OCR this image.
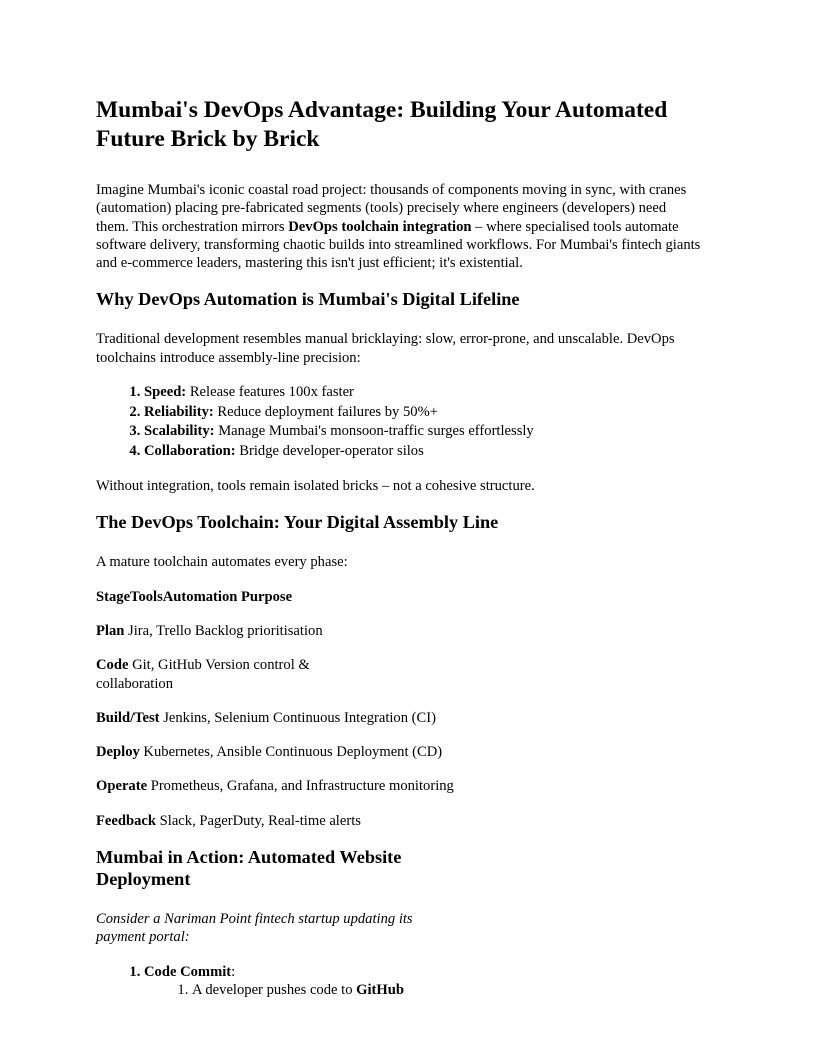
Mumbai's DevOps Advantage: Building Your Automated Future Brick by Brick

Imagine Mumbai's iconic coastal road project: thousands of components moving in sync, with cranes (automation) placing pre-fabricated segments (tools) precisely where engineers (developers) need them. This orchestration mirrors DevOps toolchain integration – where specialised tools automate software delivery, transforming chaotic builds into streamlined workflows. For Mumbai's fintech giants and e-commerce leaders, mastering this isn't just efficient; it's existential.

Why DevOps Automation is Mumbai's Digital Lifeline

Traditional development resembles manual bricklaying: slow, error-prone, and unscalable. DevOps toolchains introduce assembly-line precision:

1. Speed: Release features 100x faster
2. Reliability: Reduce deployment failures by 50%+
3. Scalability: Manage Mumbai's monsoon-traffic surges effortlessly
4. Collaboration: Bridge developer-operator silos

Without integration, tools remain isolated bricks – not a cohesive structure.

The DevOps Toolchain: Your Digital Assembly Line

A mature toolchain automates every phase:

StageToolsAutomation Purpose
Plan Jira, Trello Backlog prioritisation
Code Git, GitHub Version control & collaboration
Build/Test Jenkins, Selenium Continuous Integration (CI)
Deploy Kubernetes, Ansible Continuous Deployment (CD)
Operate Prometheus, Grafana, and Infrastructure monitoring
Feedback Slack, PagerDuty, Real-time alerts
Mumbai in Action: Automated Website Deployment

Consider a Nariman Point fintech startup updating its payment portal:

1. Code Commit:
1. A developer pushes code to GitHub
